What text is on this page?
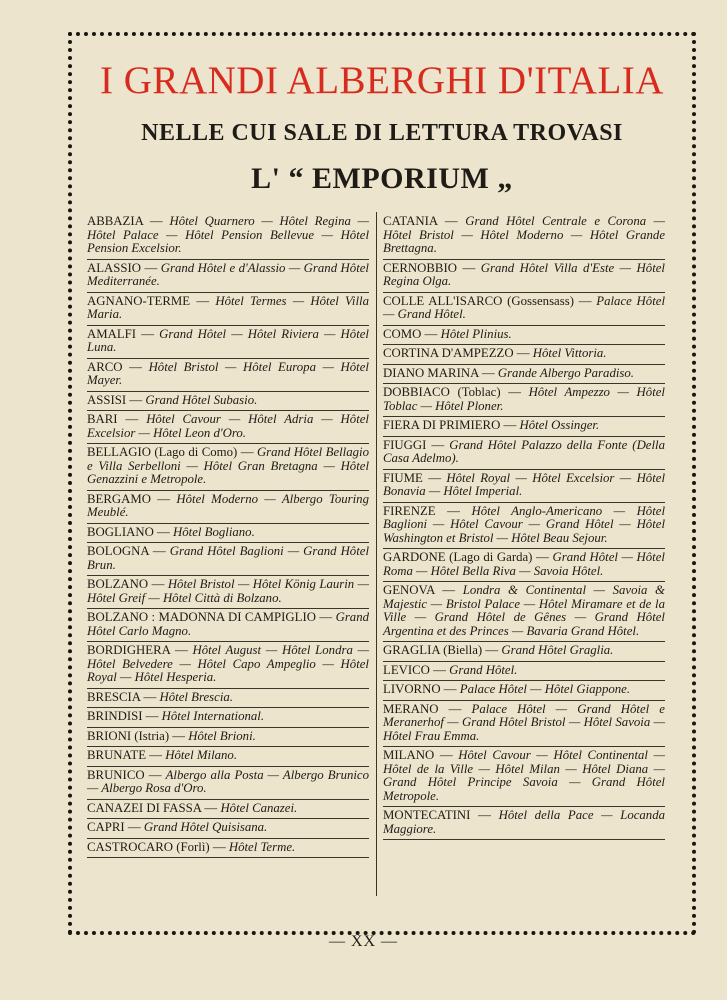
I GRANDI ALBERGHI D'ITALIA
NELLE CUI SALE DI LETTURA TROVASI
L' “ EMPORIUM „
ABBAZIA — Hôtel Quarnero — Hôtel Regina — Hôtel Palace — Hôtel Pension Bellevue — Hôtel Pension Excelsior.
ALASSIO — Grand Hôtel e d'Alassio — Grand Hôtel Mediterranée.
AGNANO-TERME — Hôtel Termes — Hôtel Villa Maria.
AMALFI — Grand Hôtel — Hôtel Riviera — Hôtel Luna.
ARCO — Hôtel Bristol — Hôtel Europa — Hôtel Mayer.
ASSISI — Grand Hôtel Subasio.
BARI — Hôtel Cavour — Hôtel Adria — Hôtel Excelsior — Hôtel Leon d'Oro.
BELLAGIO (Lago di Como) — Grand Hôtel Bellagio e Villa Serbelloni — Hôtel Gran Bretagna — Hôtel Genazzini e Metropole.
BERGAMO — Hôtel Moderno — Albergo Touring Meublé.
BOGLIANO — Hôtel Bogliano.
BOLOGNA — Grand Hôtel Baglioni — Grand Hôtel Brun.
BOLZANO — Hôtel Bristol — Hôtel König Laurin — Hôtel Greif — Hôtel Città di Bolzano.
BOLZANO : MADONNA DI CAMPIGLIO — Grand Hôtel Carlo Magno.
BORDIGHERA — Hôtel August — Hôtel Londra — Hôtel Belvedere — Hôtel Capo Ampeglio — Hôtel Royal — Hôtel Hesperia.
BRESCIA — Hôtel Brescia.
BRINDISI — Hôtel International.
BRIONI (Istria) — Hôtel Brioni.
BRUNATE — Hôtel Milano.
BRUNICO — Albergo alla Posta — Albergo Brunico — Albergo Rosa d'Oro.
CANAZEI DI FASSA — Hôtel Canazei.
CAPRI — Grand Hôtel Quisisana.
CASTROCARO (Forlì) — Hôtel Terme.
CATANIA — Grand Hôtel Centrale e Corona — Hôtel Bristol — Hôtel Moderno — Hôtel Grande Brettagna.
CERNOBBIO — Grand Hôtel Villa d'Este — Hôtel Regina Olga.
COLLE ALL'ISARCO (Gossensass) — Palace Hôtel — Grand Hôtel.
COMO — Hôtel Plinius.
CORTINA D'AMPEZZO — Hôtel Vittoria.
DIANO MARINA — Grande Albergo Paradiso.
DOBBIACO (Toblac) — Hôtel Ampezzo — Hôtel Toblac — Hôtel Ploner.
FIERA DI PRIMIERO — Hôtel Ossinger.
FIUGGI — Grand Hôtel Palazzo della Fonte (Della Casa Adelmo).
FIUME — Hôtel Royal — Hôtel Excelsior — Hôtel Bonavia — Hôtel Imperial.
FIRENZE — Hôtel Anglo-Americano — Hôtel Baglioni — Hôtel Cavour — Grand Hôtel — Hôtel Washington et Bristol — Hôtel Beau Sejour.
GARDONE (Lago di Garda) — Grand Hôtel — Hôtel Roma — Hôtel Bella Riva — Savoia Hôtel.
GENOVA — Londra & Continental — Savoia & Majestic — Bristol Palace — Hôtel Miramare et de la Ville — Grand Hôtel de Gênes — Grand Hôtel Argentina et des Princes — Bavaria Grand Hôtel.
GRAGLIA (Biella) — Grand Hôtel Graglia.
LEVICO — Grand Hôtel.
LIVORNO — Palace Hôtel — Hôtel Giappone.
MERANO — Palace Hôtel — Grand Hôtel e Meranerhof — Grand Hôtel Bristol — Hôtel Savoia — Hôtel Frau Emma.
MILANO — Hôtel Cavour — Hôtel Continental — Hôtel de la Ville — Hôtel Milan — Hôtel Diana — Grand Hôtel Principe Savoia — Grand Hôtel Metropole.
MONTECATINI — Hôtel della Pace — Locanda Maggiore.
— XX —
